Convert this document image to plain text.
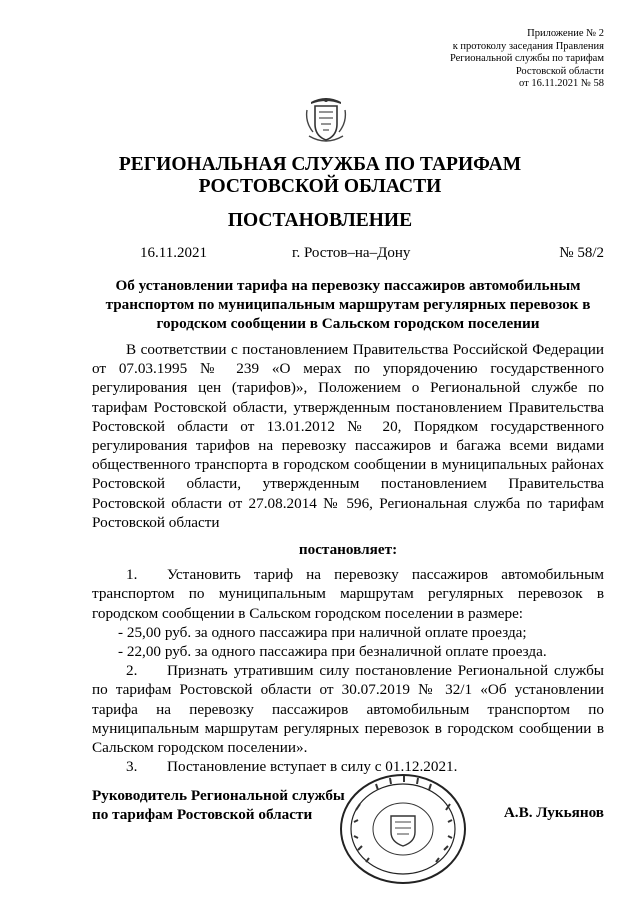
Приложение № 2
к протоколу заседания Правления
Региональной службы по тарифам
Ростовской области
от 16.11.2021 № 58
РЕГИОНАЛЬНАЯ СЛУЖБА ПО ТАРИФАМ
РОСТОВСКОЙ ОБЛАСТИ
ПОСТАНОВЛЕНИЕ
16.11.2021	г. Ростов–на–Дону	№ 58/2
Об установлении тарифа на перевозку пассажиров автомобильным транспортом по муниципальным маршрутам регулярных перевозок в городском сообщении в Сальском городском поселении
В соответствии с постановлением Правительства Российской Федерации от 07.03.1995 № 239 «О мерах по упорядочению государственного регулирования цен (тарифов)», Положением о Региональной службе по тарифам Ростовской области, утвержденным постановлением Правительства Ростовской области от 13.01.2012 № 20, Порядком государственного регулирования тарифов на перевозку пассажиров и багажа всеми видами общественного транспорта в городском сообщении в муниципальных районах Ростовской области, утвержденным постановлением Правительства Ростовской области от 27.08.2014 № 596, Региональная служба по тарифам Ростовской области
постановляет:
1.	Установить тариф на перевозку пассажиров автомобильным
транспортом по муниципальным маршрутам регулярных перевозок в городском сообщении в Сальском городском поселении в размере:
- 25,00 руб. за одного пассажира при наличной оплате проезда;
- 22,00 руб. за одного пассажира при безналичной оплате проезда.
2.	Признать утратившим силу постановление Региональной службы
по тарифам Ростовской области от 30.07.2019 № 32/1 «Об установлении тарифа на перевозку пассажиров автомобильным транспортом по муниципальным маршрутам регулярных перевозок в городском сообщении в Сальском городском поселении».
3.	Постановление вступает в силу с 01.12.2021.
Руководитель Региональной службы
по тарифам Ростовской области	А.В. Лукьянов
